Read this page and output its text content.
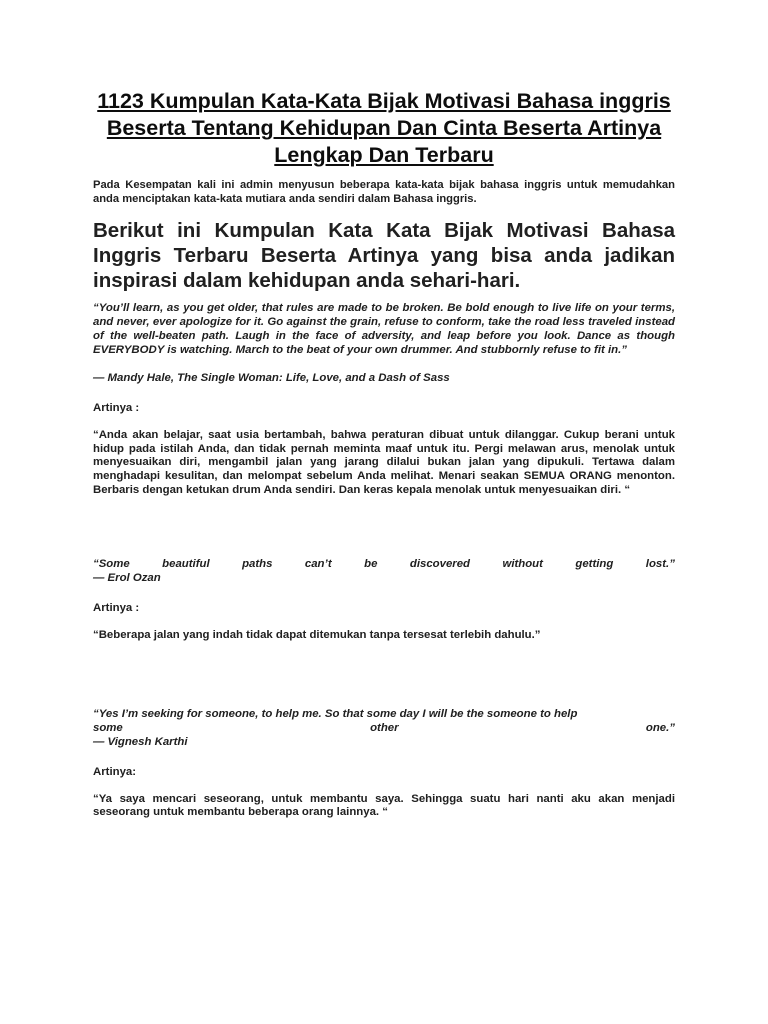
1123 Kumpulan Kata-Kata Bijak Motivasi Bahasa inggris Beserta Tentang Kehidupan Dan Cinta Beserta Artinya Lengkap Dan Terbaru

Pada Kesempatan kali ini admin menyusun beberapa kata-kata bijak bahasa inggris untuk memudahkan anda menciptakan kata-kata mutiara anda sendiri dalam Bahasa inggris.

Berikut ini Kumpulan Kata Kata Bijak Motivasi Bahasa Inggris Terbaru Beserta Artinya yang bisa anda jadikan inspirasi dalam kehidupan anda sehari-hari.

“You’ll learn, as you get older, that rules are made to be broken. Be bold enough to live life on your terms, and never, ever apologize for it. Go against the grain, refuse to conform, take the road less traveled instead of the well-beaten path. Laugh in the face of adversity, and leap before you look. Dance as though EVERYBODY is watching. March to the beat of your own drummer. And stubbornly refuse to fit in.”

— Mandy Hale, The Single Woman: Life, Love, and a Dash of Sass

Artinya :

“Anda akan belajar, saat usia bertambah, bahwa peraturan dibuat untuk dilanggar. Cukup berani untuk hidup pada istilah Anda, dan tidak pernah meminta maaf untuk itu. Pergi melawan arus, menolak untuk menyesuaikan diri, mengambil jalan yang jarang dilalui bukan jalan yang dipukuli. Tertawa dalam menghadapi kesulitan, dan melompat sebelum Anda melihat. Menari seakan SEMUA ORANG menonton. Berbaris dengan ketukan drum Anda sendiri. Dan keras kepala menolak untuk menyesuaikan diri. “

“Some	beautiful	paths	can’t	be	discovered	without	getting	lost.”
— Erol Ozan

Artinya :

“Beberapa jalan yang indah tidak dapat ditemukan tanpa tersesat terlebih dahulu.”

“Yes I’m seeking for someone, to help me. So that some day I will be the someone to help
some	other	one.”
— Vignesh Karthi

Artinya:

“Ya saya mencari seseorang, untuk membantu saya. Sehingga suatu hari nanti aku akan menjadi seseorang untuk membantu beberapa orang lainnya. “
